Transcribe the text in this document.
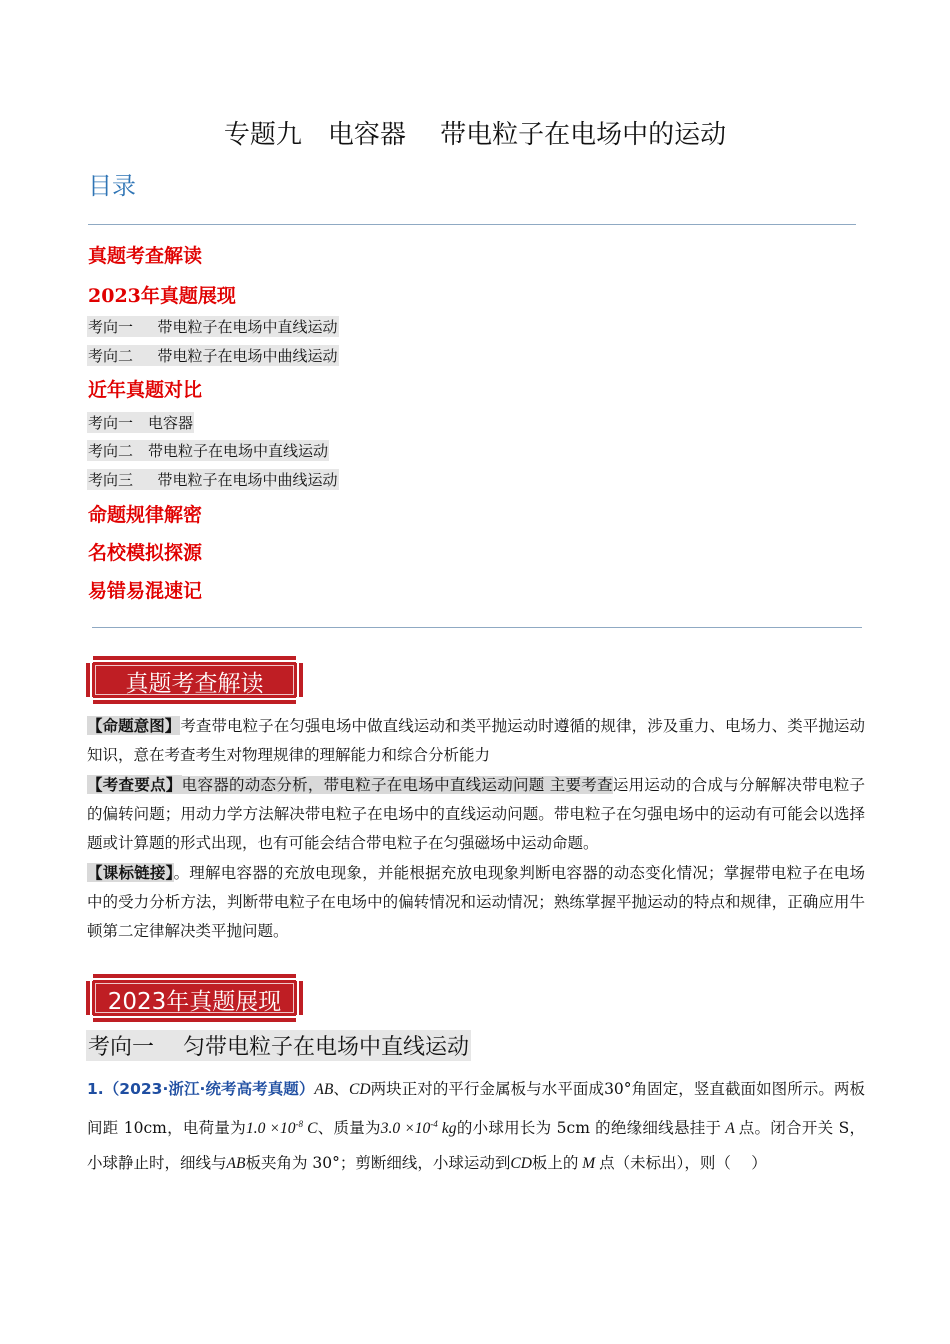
专题九　电容器　 带电粒子在电场中的运动
目录
真题考查解读
2023年真题展现
考向一　  带电粒子在电场中直线运动
考向二　  带电粒子在电场中曲线运动
近年真题对比
考向一　电容器
考向二　带电粒子在电场中直线运动
考向三　  带电粒子在电场中曲线运动
命题规律解密
名校模拟探源
易错易混速记
真题考查解读
【命题意图】考查带电粒子在匀强电场中做直线运动和类平抛运动时遵循的规律，涉及重力、电场力、类平抛运动知识，意在考查考生对物理规律的理解能力和综合分析能力
【考查要点】电容器的动态分析，带电粒子在电场中直线运动问题 主要考查运用运动的合成与分解解决带电粒子的偏转问题；用动力学方法解决带电粒子在电场中的直线运动问题。带电粒子在匀强电场中的运动有可能会以选择题或计算题的形式出现，也有可能会结合带电粒子在匀强磁场中运动命题。
【课标链接】。理解电容器的充放电现象，并能根据充放电现象判断电容器的动态变化情况；掌握带电粒子在电场中的受力分析方法，判断带电粒子在电场中的偏转情况和运动情况；熟练掌握平抛运动的特点和规律，正确应用牛顿第二定律解决类平抛问题。
2023年真题展现
考向一　 匀带电粒子在电场中直线运动
1.（2023·浙江·统考高考真题）AB、CD两块正对的平行金属板与水平面成30°角固定，竖直截面如图所示。两板间距 10cm，电荷量为$1.0 \times 10^{-8}$ C、质量为$3.0 \times 10^{-4}$ kg的小球用长为 5cm 的绝缘细线悬挂于 A 点。闭合开关 S，小球静止时，细线与AB板夹角为 30°；剪断细线，小球运动到CD板上的 M 点（未标出），则（　 ）
